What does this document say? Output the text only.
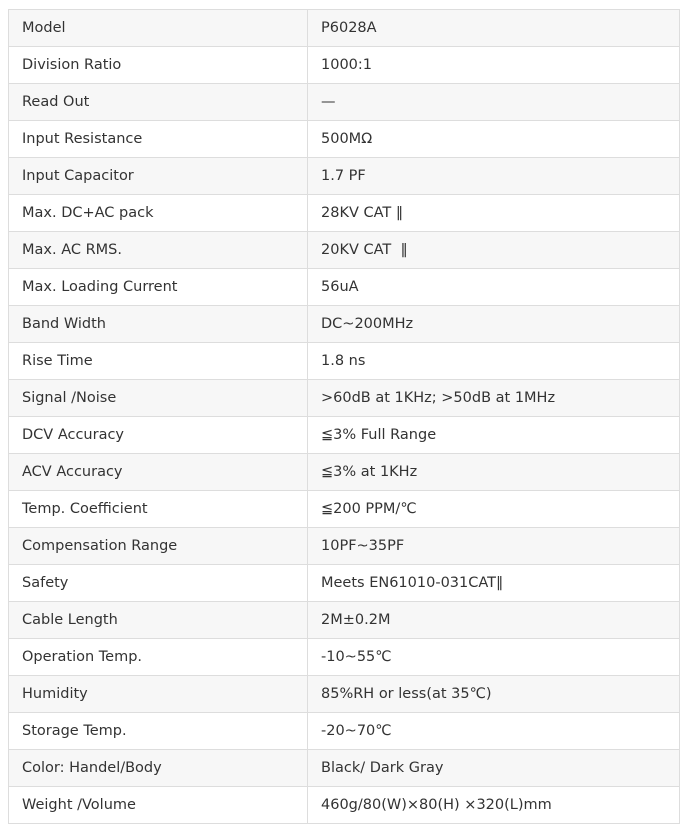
Model	P6028A
Division Ratio	1000:1
Read Out	—
Input Resistance	500MΩ
Input Capacitor	1.7 PF
Max. DC+AC pack	28KV CAT ‖
Max. AC RMS.	20KV CAT  ‖
Max. Loading Current	56uA
Band Width	DC~200MHz
Rise Time	1.8 ns
Signal /Noise	>60dB at 1KHz; >50dB at 1MHz
DCV Accuracy	≦3% Full Range
ACV Accuracy	≦3% at 1KHz
Temp. Coefficient	≦200 PPM/℃
Compensation Range	10PF~35PF
Safety	Meets EN61010-031CAT‖
Cable Length	2M±0.2M
Operation Temp.	-10~55℃
Humidity	85%RH or less(at 35℃)
Storage Temp.	-20~70℃
Color: Handel/Body	Black/ Dark Gray
Weight /Volume	460g/80(W)×80(H) ×320(L)mm
